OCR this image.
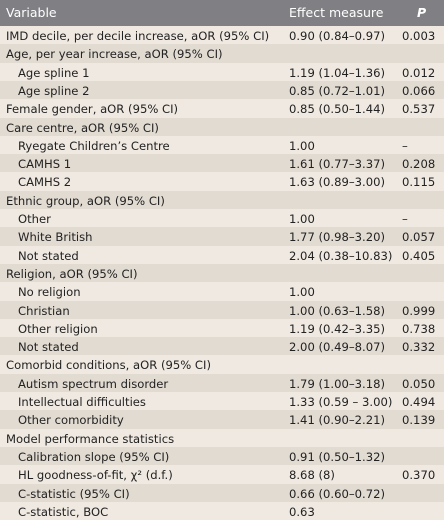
Variable	Effect measure	P
IMD decile, per decile increase, aOR (95% CI) 0.90 (0.84–0.97) 0.003
Age, per year increase, aOR (95% CI)
Age spline 1	1.19 (1.04–1.36) 0.012
Age spline 2	0.85 (0.72–1.01) 0.066
Female gender, aOR (95% CI)	0.85 (0.50–1.44) 0.537
Care centre, aOR (95% CI)
Ryegate Children’s Centre	1.00	–
CAMHS 1	1.61 (0.77–3.37) 0.208
CAMHS 2	1.63 (0.89–3.00) 0.115
Ethnic group, aOR (95% CI)
Other	1.00	–
White British	1.77 (0.98–3.20) 0.057
Not stated	2.04 (0.38–10.83) 0.405
Religion, aOR (95% CI)
No religion	1.00
Christian	1.00 (0.63–1.58) 0.999
Other religion	1.19 (0.42–3.35) 0.738
Not stated	2.00 (0.49–8.07) 0.332
Comorbid conditions, aOR (95% CI)
Autism spectrum disorder	1.79 (1.00–3.18) 0.050
Intellectual difficulties	1.33 (0.59 – 3.00) 0.494
Other comorbidity	1.41 (0.90–2.21) 0.139
Model performance statistics
Calibration slope (95% CI)	0.91 (0.50–1.32)
HL goodness-of-fit, χ² (d.f.)	8.68 (8)	0.370
C-statistic (95% CI)	0.66 (0.60–0.72)
C-statistic, BOC	0.63
